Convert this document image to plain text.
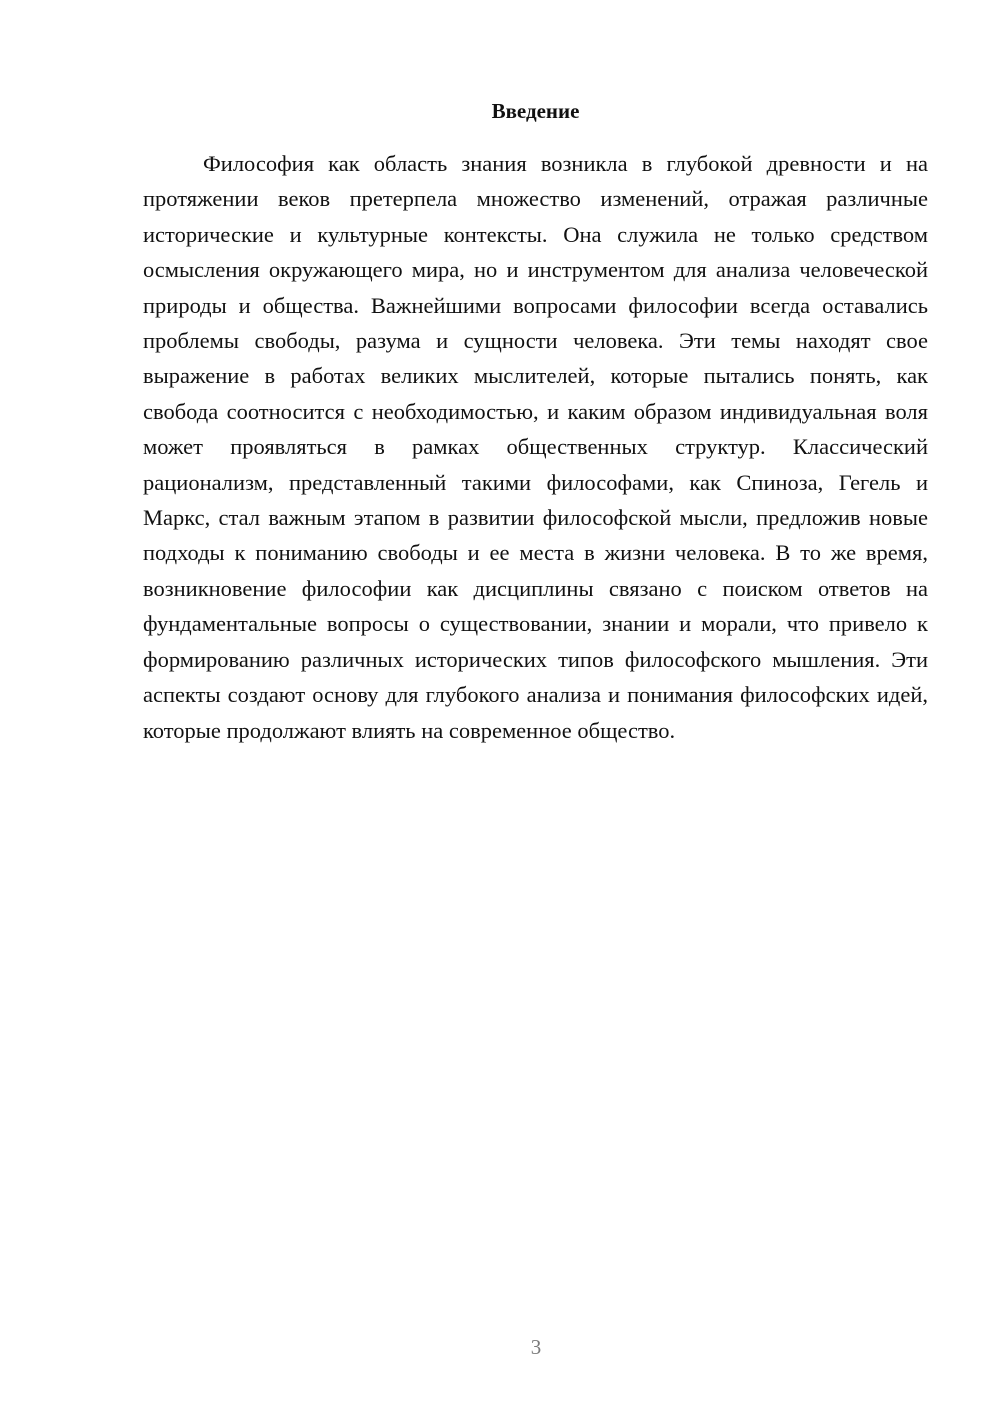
Введение

Философия как область знания возникла в глубокой древности и на протяжении веков претерпела множество изменений, отражая различные исторические и культурные контексты. Она служила не только средством осмысления окружающего мира, но и инструментом для анализа человеческой природы и общества. Важнейшими вопросами философии всегда оставались проблемы свободы, разума и сущности человека. Эти темы находят свое выражение в работах великих мыслителей, которые пытались понять, как свобода соотносится с необходимостью, и каким образом индивидуальная воля может проявляться в рамках общественных структур. Классический рационализм, представленный такими философами, как Спиноза, Гегель и Маркс, стал важным этапом в развитии философской мысли, предложив новые подходы к пониманию свободы и ее места в жизни человека. В то же время, возникновение философии как дисциплины связано с поиском ответов на фундаментальные вопросы о существовании, знании и морали, что привело к формированию различных исторических типов философского мышления. Эти аспекты создают основу для глубокого анализа и понимания философских идей, которые продолжают влиять на современное общество.

3
